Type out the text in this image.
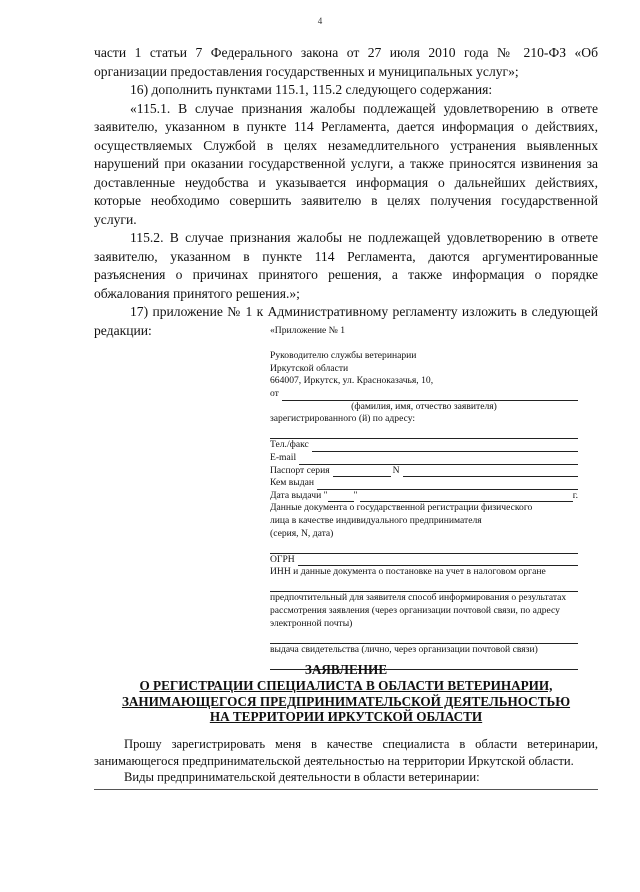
4

части 1 статьи 7 Федерального закона от 27 июля 2010 года № 210-ФЗ «Об организации предоставления государственных и муниципальных услуг»;

16) дополнить пунктами 115.1, 115.2 следующего содержания:

«115.1. В случае признания жалобы подлежащей удовлетворению в ответе заявителю, указанном в пункте 114 Регламента, дается информация о действиях, осуществляемых Службой в целях незамедлительного устранения выявленных нарушений при оказании государственной услуги, а также приносятся извинения за доставленные неудобства и указывается информация о дальнейших действиях, которые необходимо совершить заявителю в целях получения государственной услуги.

115.2. В случае признания жалобы не подлежащей удовлетворению в ответе заявителю, указанном в пункте 114 Регламента, даются аргументированные разъяснения о причинах принятого решения, а также информация о порядке обжалования принятого решения.»;

17) приложение № 1 к Административному регламенту изложить в следующей редакции:	«Приложение № 1
Руководителю службы ветеринарии
Иркутской области
664007, Иркутск, ул. Красноказачья, 10,
от
(фамилия, имя, отчество заявителя)
зарегистрированного (й) по адресу:
Тел./факс
E-mail
Паспорт серия	N
Кем выдан
Дата выдачи "	"	г.
Данные документа о государственной регистрации физического
лица в качестве индивидуального предпринимателя
(серия, N, дата)
ОГРН
ИНН и данные документа о постановке на учет в налоговом органе
предпочтительный для заявителя способ информирования о результатах
рассмотрения заявления (через организации почтовой связи, по адресу
электронной почты)
выдача свидетельства (лично, через организации почтовой связи)
ЗАЯВЛЕНИЕ
О РЕГИСТРАЦИИ СПЕЦИАЛИСТА В ОБЛАСТИ ВЕТЕРИНАРИИ,
ЗАНИМАЮЩЕГОСЯ ПРЕДПРИНИМАТЕЛЬСКОЙ ДЕЯТЕЛЬНОСТЬЮ
НА ТЕРРИТОРИИ ИРКУТСКОЙ ОБЛАСТИ

Прошу зарегистрировать меня в качестве специалиста в области ветеринарии, занимающегося предпринимательской деятельностью на территории Иркутской области.

Виды предпринимательской деятельности в области ветеринарии:
